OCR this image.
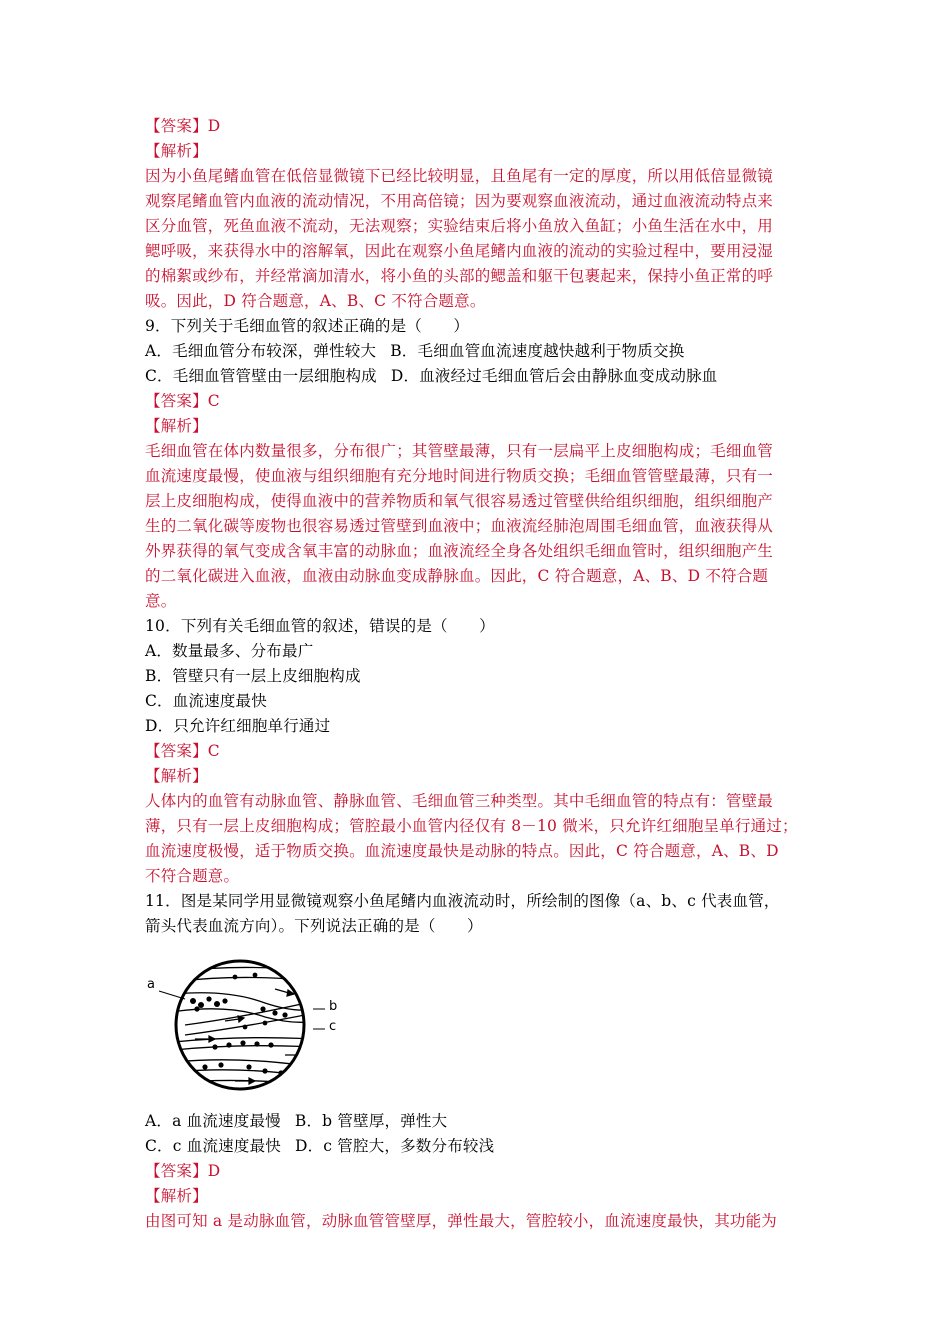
【答案】D
【解析】
因为小鱼尾鳍血管在低倍显微镜下已经比较明显，且鱼尾有一定的厚度，所以用低倍显微镜
观察尾鳍血管内血液的流动情况，不用高倍镜；因为要观察血液流动，通过血液流动特点来
区分血管，死鱼血液不流动，无法观察；实验结束后将小鱼放入鱼缸；小鱼生活在水中，用
鳃呼吸，来获得水中的溶解氧，因此在观察小鱼尾鳍内血液的流动的实验过程中，要用浸湿
的棉絮或纱布，并经常滴加清水，将小鱼的头部的鳃盖和躯干包裹起来，保持小鱼正常的呼
吸。因此，D 符合题意，A、B、C 不符合题意。
9．下列关于毛细血管的叙述正确的是（　　）
A．毛细血管分布较深，弹性较大 B．毛细血管血流速度越快越利于物质交换
C．毛细血管管壁由一层细胞构成 D．血液经过毛细血管后会由静脉血变成动脉血
【答案】C
【解析】
毛细血管在体内数量很多，分布很广；其管壁最薄，只有一层扁平上皮细胞构成；毛细血管
血流速度最慢，使血液与组织细胞有充分地时间进行物质交换；毛细血管管壁最薄，只有一
层上皮细胞构成，使得血液中的营养物质和氧气很容易透过管壁供给组织细胞，组织细胞产
生的二氧化碳等废物也很容易透过管壁到血液中；血液流经肺泡周围毛细血管，血液获得从
外界获得的氧气变成含氧丰富的动脉血；血液流经全身各处组织毛细血管时，组织细胞产生
的二氧化碳进入血液，血液由动脉血变成静脉血。因此，C 符合题意，A、B、D 不符合题
意。
10．下列有关毛细血管的叙述，错误的是（　　）
A．数量最多、分布最广
B．管壁只有一层上皮细胞构成
C．血流速度最快
D．只允许红细胞单行通过
【答案】C
【解析】
人体内的血管有动脉血管、静脉血管、毛细血管三种类型。其中毛细血管的特点有：管壁最
薄，只有一层上皮细胞构成；管腔最小血管内径仅有 8－10 微米，只允许红细胞呈单行通过；
血流速度极慢，适于物质交换。血流速度最快是动脉的特点。因此，C 符合题意，A、B、D
不符合题意。
11．图是某同学用显微镜观察小鱼尾鳍内血液流动时，所绘制的图像（a、b、c 代表血管，
箭头代表血流方向）。下列说法正确的是（　　）
a
b
c
A．a 血流速度最慢 B．b 管壁厚，弹性大
C．c 血流速度最快 D．c 管腔大，多数分布较浅
【答案】D
【解析】
由图可知 a 是动脉血管，动脉血管管壁厚，弹性最大，管腔较小，血流速度最快，其功能为
